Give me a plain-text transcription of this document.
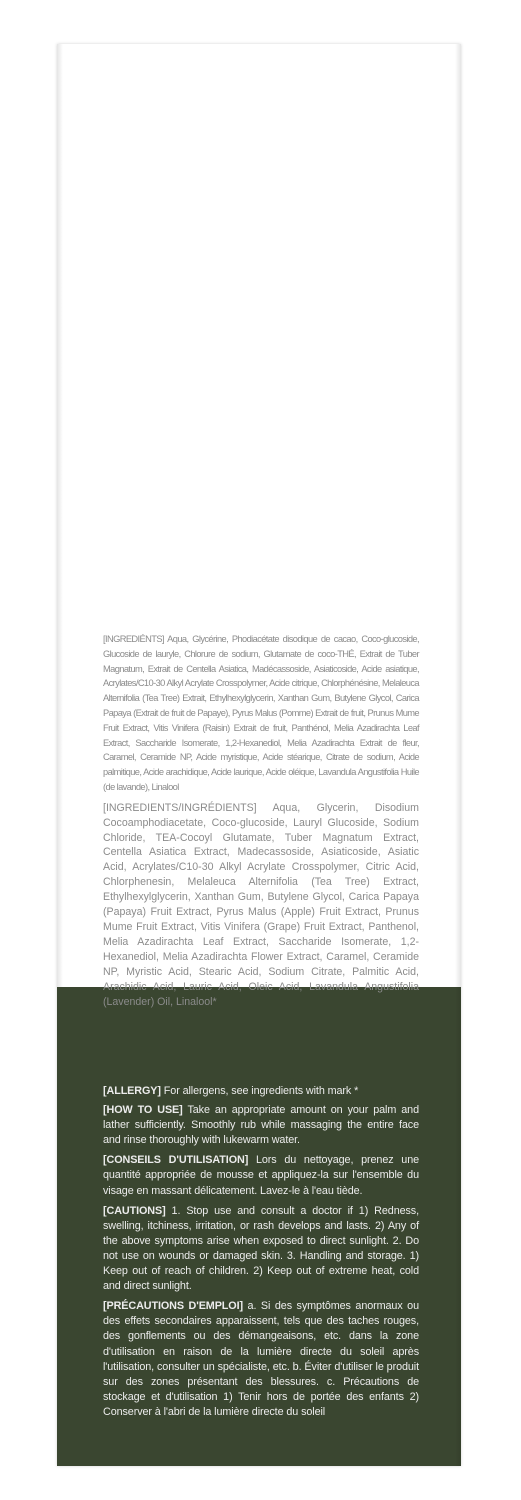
[INGREDIÉNTS] Aqua, Glycérine, Phodiacétate disodique de cacao, Coco-glucoside, Glucoside de lauryle, Chlorure de sodium, Glutamate de coco-THÉ, Extrait de Tuber Magnatum, Extrait de Centella Asiatica, Madécassoside, Asiaticoside, Acide asiatique, Acrylates/C10-30 Alkyl Acrylate Crosspolymer, Acide citrique, Chlorphénésine, Melaleuca Alternifolia (Tea Tree) Extrait, Ethylhexylglycerin, Xanthan Gum, Butylene Glycol, Carica Papaya (Extrait de fruit de Papaye), Pyrus Malus (Pomme) Extrait de fruit, Prunus Mume Fruit Extract, Vitis Vinifera (Raisin) Extrait de fruit, Panthénol, Melia Azadirachta Leaf Extract, Saccharide Isomerate, 1,2-Hexanediol, Melia Azadirachta Extrait de fleur, Caramel, Ceramide NP, Acide myristique, Acide stéarique, Citrate de sodium, Acide palmitique, Acide arachidique, Acide laurique, Acide oléique, Lavandula Angustifolia Huile (de lavande), Linalool

[INGREDIENTS/INGRÉDIENTS] Aqua, Glycerin, Disodium Cocoamphodiacetate, Coco-glucoside, Lauryl Glucoside, Sodium Chloride, TEA-Cocoyl Glutamate, Tuber Magnatum Extract, Centella Asiatica Extract, Madecassoside, Asiaticoside, Asiatic Acid, Acrylates/C10-30 Alkyl Acrylate Crosspolymer, Citric Acid, Chlorphenesin, Melaleuca Alternifolia (Tea Tree) Extract, Ethylhexylglycerin, Xanthan Gum, Butylene Glycol, Carica Papaya (Papaya) Fruit Extract, Pyrus Malus (Apple) Fruit Extract, Prunus Mume Fruit Extract, Vitis Vinifera (Grape) Fruit Extract, Panthenol, Melia Azadirachta Leaf Extract, Saccharide Isomerate, 1,2-Hexanediol, Melia Azadirachta Flower Extract, Caramel, Ceramide NP, Myristic Acid, Stearic Acid, Sodium Citrate, Palmitic Acid, Arachidic Acid, Lauric Acid, Oleic Acid, Lavandula Angustifolia (Lavender) Oil, Linalool*

[ALLERGY] For allergens, see ingredients with mark *

[HOW TO USE] Take an appropriate amount on your palm and lather sufficiently. Smoothly rub while massaging the entire face and rinse thoroughly with lukewarm water.

[CONSEILS D'UTILISATION] Lors du nettoyage, prenez une quantité appropriée de mousse et appliquez-la sur l'ensemble du visage en massant délicatement. Lavez-le à l'eau tiède.

[CAUTIONS] 1. Stop use and consult a doctor if 1) Redness, swelling, itchiness, irritation, or rash develops and lasts. 2) Any of the above symptoms arise when exposed to direct sunlight. 2. Do not use on wounds or damaged skin. 3. Handling and storage. 1) Keep out of reach of children. 2) Keep out of extreme heat, cold and direct sunlight.

[PRÉCAUTIONS D'EMPLOI] a. Si des symptômes anormaux ou des effets secondaires apparaissent, tels que des taches rouges, des gonflements ou des démangeaisons, etc. dans la zone d'utilisation en raison de la lumière directe du soleil après l'utilisation, consulter un spécialiste, etc. b. Éviter d'utiliser le produit sur des zones présentant des blessures. c. Précautions de stockage et d'utilisation 1) Tenir hors de portée des enfants 2) Conserver à l'abri de la lumière directe du soleil
